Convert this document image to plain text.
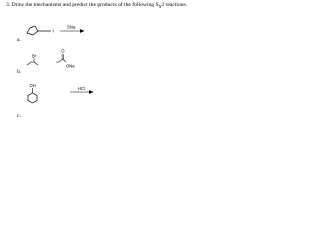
3. Draw the mechanisms and predict the products of the following $S_N2$ reactions.
a.
b.
c.
I
SNa
Br
O
ONa
OH
HCl
